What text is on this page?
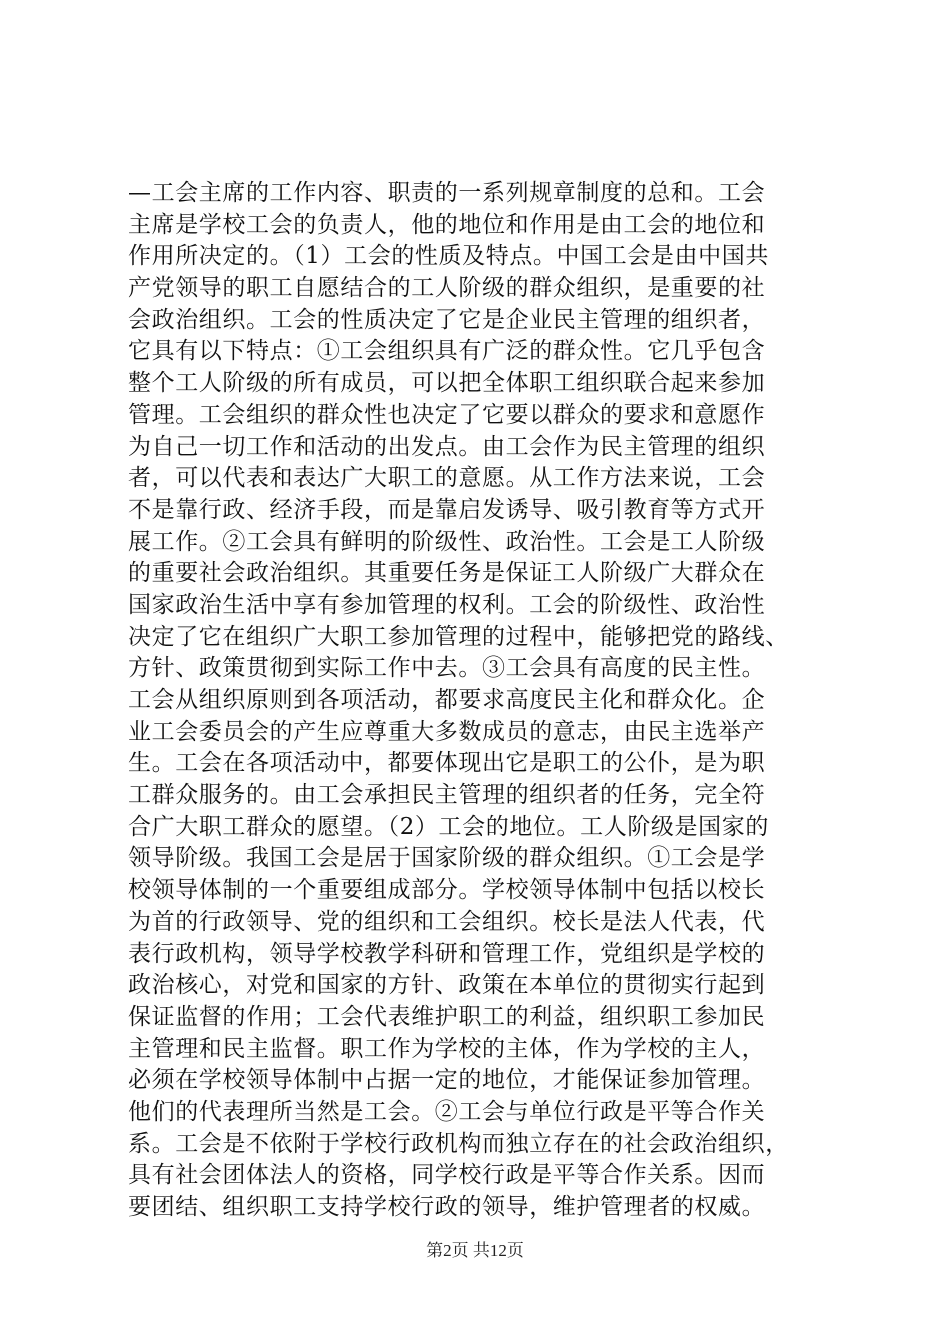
—工会主席的工作内容、职责的一系列规章制度的总和。工会
主席是学校工会的负责人，他的地位和作用是由工会的地位和
作用所决定的。（1）工会的性质及特点。中国工会是由中国共
产党领导的职工自愿结合的工人阶级的群众组织，是重要的社
会政治组织。工会的性质决定了它是企业民主管理的组织者，
它具有以下特点：①工会组织具有广泛的群众性。它几乎包含
整个工人阶级的所有成员，可以把全体职工组织联合起来参加
管理。工会组织的群众性也决定了它要以群众的要求和意愿作
为自己一切工作和活动的出发点。由工会作为民主管理的组织
者，可以代表和表达广大职工的意愿。从工作方法来说，工会
不是靠行政、经济手段，而是靠启发诱导、吸引教育等方式开
展工作。②工会具有鲜明的阶级性、政治性。工会是工人阶级
的重要社会政治组织。其重要任务是保证工人阶级广大群众在
国家政治生活中享有参加管理的权利。工会的阶级性、政治性
决定了它在组织广大职工参加管理的过程中，能够把党的路线、
方针、政策贯彻到实际工作中去。③工会具有高度的民主性。
工会从组织原则到各项活动，都要求高度民主化和群众化。企
业工会委员会的产生应尊重大多数成员的意志，由民主选举产
生。工会在各项活动中，都要体现出它是职工的公仆，是为职
工群众服务的。由工会承担民主管理的组织者的任务，完全符
合广大职工群众的愿望。（2）工会的地位。工人阶级是国家的
领导阶级。我国工会是居于国家阶级的群众组织。①工会是学
校领导体制的一个重要组成部分。学校领导体制中包括以校长
为首的行政领导、党的组织和工会组织。校长是法人代表，代
表行政机构，领导学校教学科研和管理工作，党组织是学校的
政治核心，对党和国家的方针、政策在本单位的贯彻实行起到
保证监督的作用；工会代表维护职工的利益，组织职工参加民
主管理和民主监督。职工作为学校的主体，作为学校的主人，
必须在学校领导体制中占据一定的地位，才能保证参加管理。
他们的代表理所当然是工会。②工会与单位行政是平等合作关
系。工会是不依附于学校行政机构而独立存在的社会政治组织，
具有社会团体法人的资格，同学校行政是平等合作关系。因而
要团结、组织职工支持学校行政的领导，维护管理者的权威。
第2页 共12页
